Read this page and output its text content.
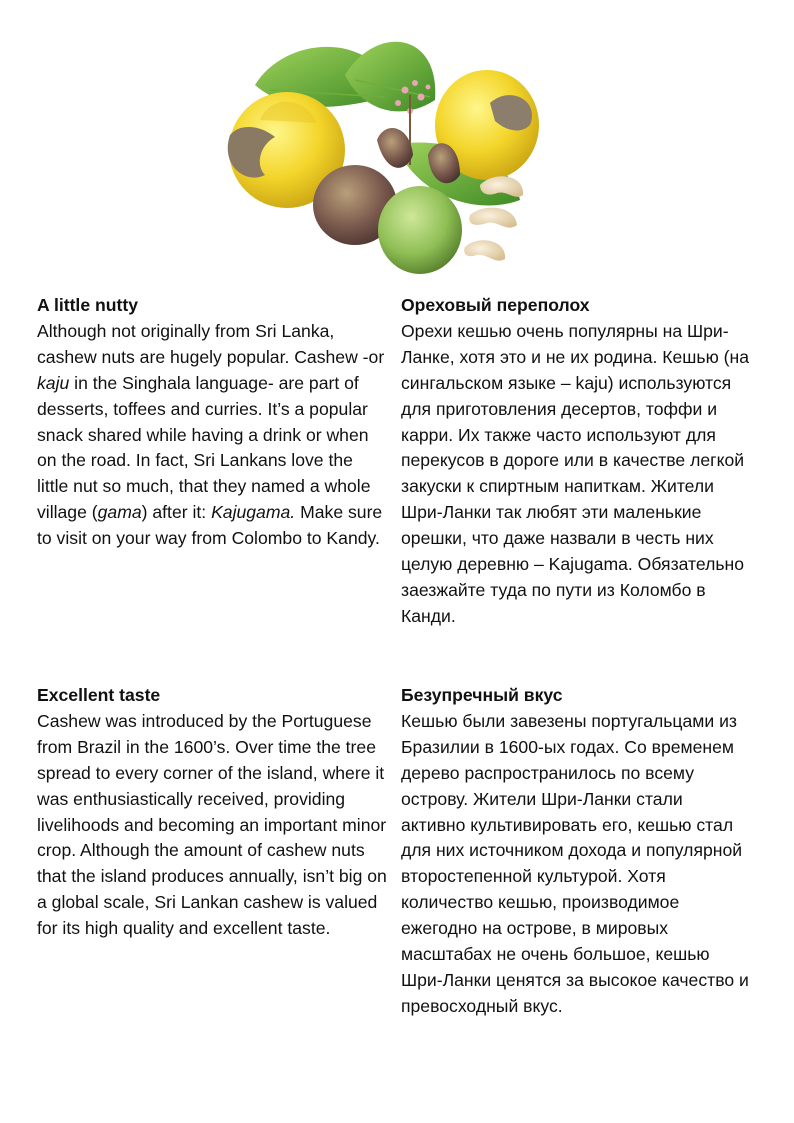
A little nutty

Although not originally from Sri Lanka, cashew nuts are hugely popular. Cashew -or kaju in the Singhala language- are part of desserts, toffees and curries. It’s a popular snack shared while having a drink or when on the road. In fact, Sri Lankans love the little nut so much, that they named a whole village (gama) after it: Kajugama. Make sure to visit on your way from Colombo to Kandy.

Ореховый переполох

Орехи кешью очень популярны на Шри-Ланке, хотя это и не их родина. Кешью (на сингальском языке – kaju) используются для приготовления десертов, тоффи и карри. Их также часто используют для перекусов в дороге или в качестве легкой закуски к спиртным напиткам. Жители Шри-Ланки так любят эти маленькие орешки, что даже назвали в честь них целую деревню – Kajugama. Обязательно заезжайте туда по пути из Коломбо в Канди.

Excellent taste

Cashew was introduced by the Portuguese from Brazil in the 1600’s. Over time the tree spread to every corner of the island, where it was enthusiastically received, providing livelihoods and becoming an important minor crop. Although the amount of cashew nuts that the island produces annually, isn’t big on a global scale, Sri Lankan cashew is valued for its high quality and excellent taste.

Безупречный вкус

Кешью были завезены португальцами из Бразилии в 1600-ых годах. Со временем дерево распространилось по всему острову. Жители Шри-Ланки стали активно культивировать его, кешью стал для них источником дохода и популярной второстепенной культурой. Хотя количество кешью, производимое ежегодно на острове, в мировых масштабах не очень большое, кешью Шри-Ланки ценятся за высокое качество и превосходный вкус.
